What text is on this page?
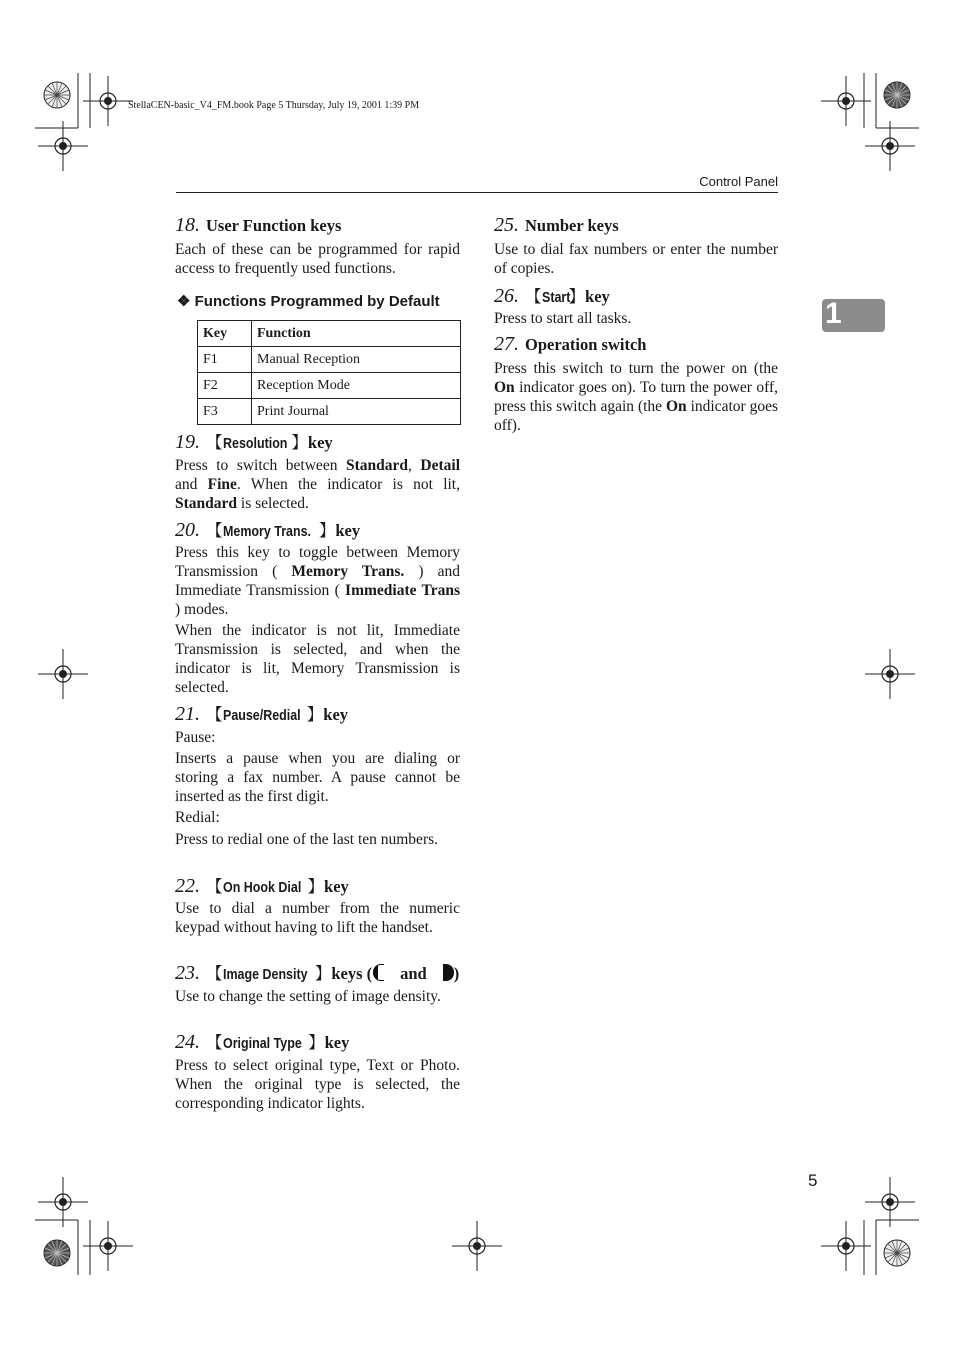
StellaCEN-basic_V4_FM.book Page 5 Thursday, July 19, 2001 1:39 PM
Control Panel
1
5
18. User Function keys
Each of these can be programmed for rapid access to frequently used functions.
❖ Functions Programmed by Default
Key	Function
F1	Manual Reception
F2	Reception Mode
F3	Print Journal
19. 【Resolution 】key
Press to switch between Standard, Detail and Fine. When the indicator is not lit, Standard is selected.
20. 【Memory Trans. 】key
Press this key to toggle between Memory Transmission ( Memory Trans. ) and Immediate Transmission ( Immediate Trans ) modes.
When the indicator is not lit, Immediate Transmission is selected, and when the indicator is lit, Memory Transmission is selected.
21. 【Pause/Redial 】key
Pause:
Inserts a pause when you are dialing or storing a fax number. A pause cannot be inserted as the first digit.
Redial:
Press to redial one of the last ten numbers.
22. 【On Hook Dial 】key
Use to dial a number from the numeric keypad without having to lift the handset.
23. 【Image Density 】keys ( and )
Use to change the setting of image density.
24. 【Original Type 】key
Press to select original type, Text or Photo. When the original type is selected, the corresponding indicator lights.
25. Number keys
Use to dial fax numbers or enter the number of copies.
26. 【Start】key
Press to start all tasks.
27. Operation switch
Press this switch to turn the power on (the On indicator goes on). To turn the power off, press this switch again (the On indicator goes off).
